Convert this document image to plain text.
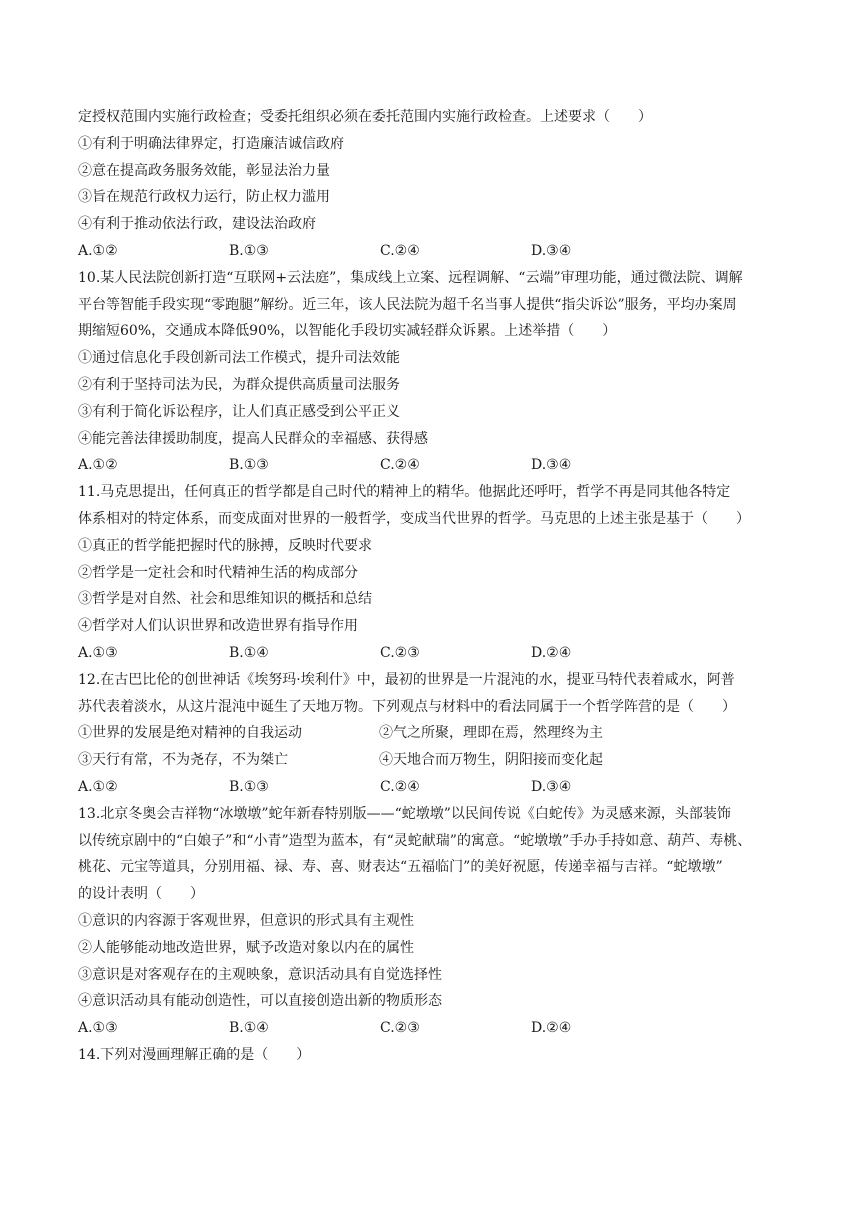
定授权范围内实施行政检查；受委托组织必须在委托范围内实施行政检查。上述要求（　　）
①有利于明确法律界定，打造廉洁诚信政府
②意在提高政务服务效能，彰显法治力量
③旨在规范行政权力运行，防止权力滥用
④有利于推动依法行政，建设法治政府
A.①②	B.①③	C.②④	D.③④
10.某人民法院创新打造“互联网+云法庭”，集成线上立案、远程调解、“云端”审理功能，通过微法院、调解
平台等智能手段实现“零跑腿”解纷。近三年，该人民法院为超千名当事人提供“指尖诉讼”服务，平均办案周
期缩短60%，交通成本降低90%，以智能化手段切实减轻群众诉累。上述举措（　　）
①通过信息化手段创新司法工作模式，提升司法效能
②有利于坚持司法为民，为群众提供高质量司法服务
③有利于简化诉讼程序，让人们真正感受到公平正义
④能完善法律援助制度，提高人民群众的幸福感、获得感
A.①②	B.①③	C.②④	D.③④
11.马克思提出，任何真正的哲学都是自己时代的精神上的精华。他据此还呼吁，哲学不再是同其他各特定
体系相对的特定体系，而变成面对世界的一般哲学，变成当代世界的哲学。马克思的上述主张是基于（　　）
①真正的哲学能把握时代的脉搏，反映时代要求
②哲学是一定社会和时代精神生活的构成部分
③哲学是对自然、社会和思维知识的概括和总结
④哲学对人们认识世界和改造世界有指导作用
A.①③	B.①④	C.②③	D.②④
12.在古巴比伦的创世神话《埃努玛·埃利什》中，最初的世界是一片混沌的水，提亚马特代表着咸水，阿普
苏代表着淡水，从这片混沌中诞生了天地万物。下列观点与材料中的看法同属于一个哲学阵营的是（　　）
①世界的发展是绝对精神的自我运动	②气之所聚，理即在焉，然理终为主
③天行有常，不为尧存，不为桀亡	④天地合而万物生，阴阳接而变化起
A.①②	B.①③	C.②④	D.③④
13.北京冬奥会吉祥物“冰墩墩”蛇年新春特别版——“蛇墩墩”以民间传说《白蛇传》为灵感来源，头部装饰
以传统京剧中的“白娘子”和“小青”造型为蓝本，有“灵蛇献瑞”的寓意。“蛇墩墩”手办手持如意、葫芦、寿桃、
桃花、元宝等道具，分别用福、禄、寿、喜、财表达“五福临门”的美好祝愿，传递幸福与吉祥。“蛇墩墩”
的设计表明（　　）
①意识的内容源于客观世界，但意识的形式具有主观性
②人能够能动地改造世界，赋予改造对象以内在的属性
③意识是对客观存在的主观映象，意识活动具有自觉选择性
④意识活动具有能动创造性，可以直接创造出新的物质形态
A.①③	B.①④	C.②③	D.②④
14.下列对漫画理解正确的是（　　）
